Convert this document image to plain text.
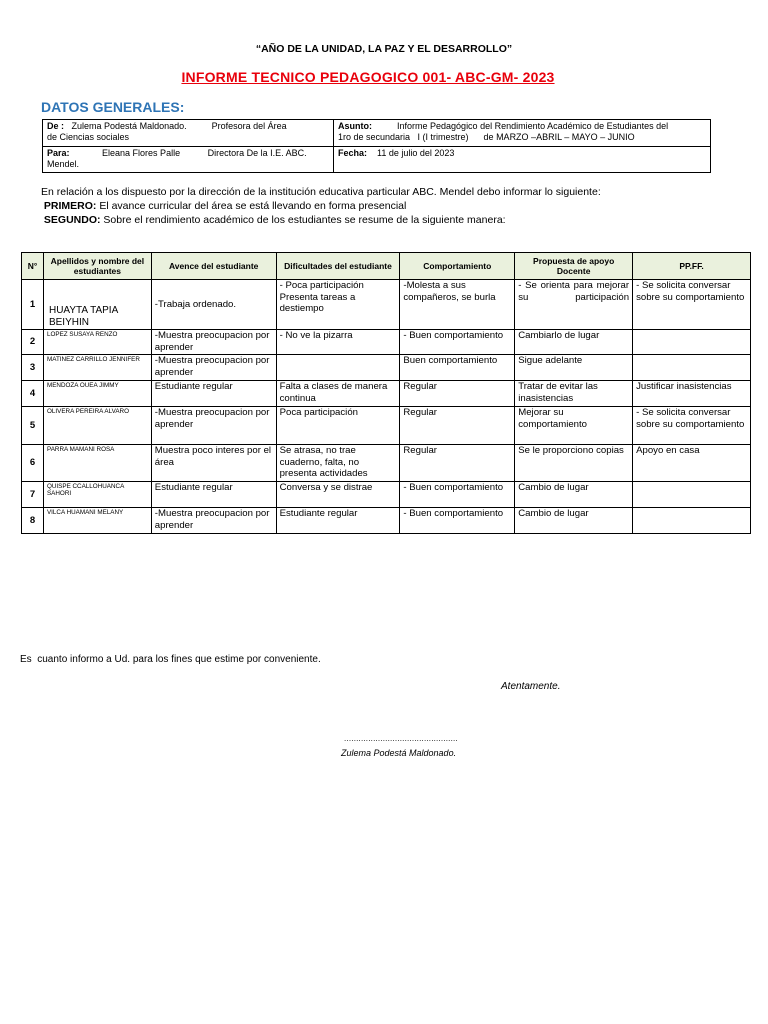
“AÑO DE LA UNIDAD, LA PAZ Y EL DESARROLLO”
INFORME TECNICO PEDAGOGICO 001- ABC-GM- 2023
DATOS GENERALES:
De : Zulema Podestá Maldonado. Profesora del Área
de Ciencias sociales	Asunto: Informe Pedagógico del Rendimiento Académico de Estudiantes del
1ro de secundaria   I (I trimestre)      de MARZO –ABRIL – MAYO – JUNIO
Para: Eleana Flores Palle Directora De la I.E. ABC.
Mendel.	Fecha: 11 de julio del 2023

En relación a los dispuesto por la dirección de la institución educativa particular ABC. Mendel debo informar lo siguiente:

PRIMERO: El avance curricular del área se está llevando en forma presencial

SEGUNDO: Sobre el rendimiento académico de los estudiantes se resume de la siguiente manera:

N°	Apellidos y nombre del estudiantes	Avence del estudiante	Dificultades del estudiante	Comportamiento	Propuesta de apoyo Docente	PP.FF.
1	HUAYTA TAPIA BEIYHIN	-Trabaja ordenado.	- Poca participación Presenta tareas a destiempo	-Molesta a sus compañeros, se burla	- Se orienta para mejorar su participación	- Se solicita conversar sobre su comportamiento
2	LOPEZ SUSAYA RENZO	-Muestra preocupacion por aprender	- No ve la pizarra	- Buen comportamiento	Cambiarlo de lugar	
3	MATINEZ CARRILLO JENNIFER	-Muestra preocupacion por aprender		Buen comportamiento	Sigue adelante	
4	MENDOZA OUEA JIMMY	Estudiante regular	Falta a clases de manera continua	Regular	Tratar de evitar las inasistencias	Justificar inasistencias
5	OLIVERA PEREIRA ALVARO	-Muestra preocupacion por aprender	Poca participación	Regular	Mejorar su comportamiento	- Se solicita conversar sobre su comportamiento
6	PARRA MAMANI ROSA	Muestra poco interes por el área	Se atrasa, no trae cuaderno, falta, no presenta actividades	Regular	Se le proporciono copias	Apoyo en casa
7	QUISPE CCALLOHUANCA SAHORI	Estudiante regular	Conversa y se distrae	- Buen comportamiento	Cambio de lugar	
8	VILCA HUAMANI MELANY	-Muestra preocupacion por aprender	Estudiante regular	- Buen comportamiento	Cambio de lugar	
Es  cuanto informo a Ud. para los fines que estime por conveniente.
Atentamente.
...............................................
Zulema Podestá Maldonado.
